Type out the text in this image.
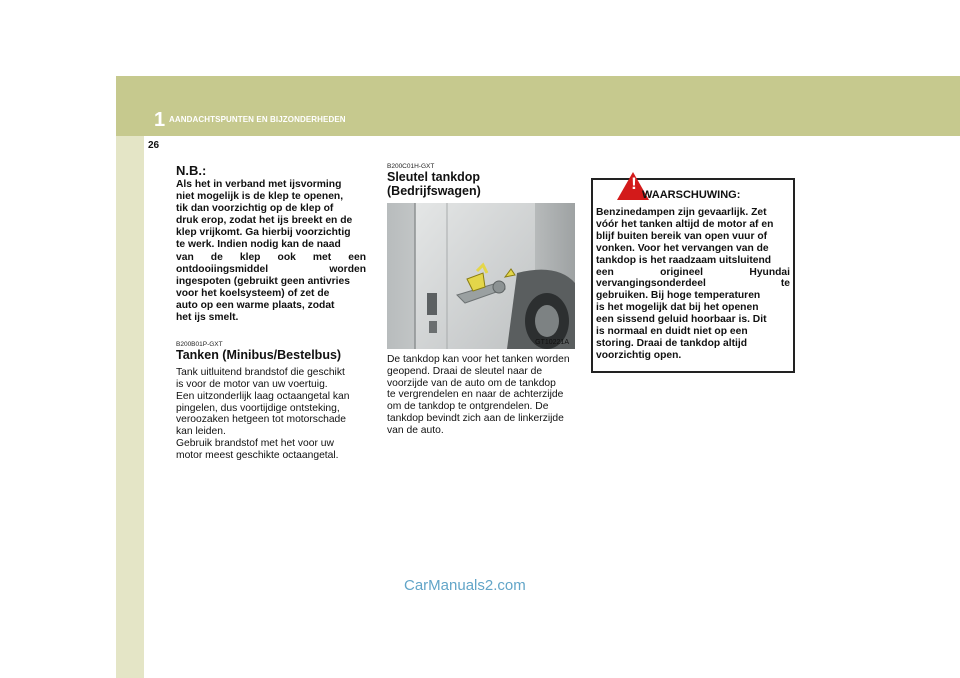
1 AANDACHTSPUNTEN EN BIJZONDERHEDEN
26

N.B.:

Als het in verband met ijsvorming
niet mogelijk is de klep te openen,
tik dan voorzichtig op de klep of
druk erop, zodat het ijs breekt en de
klep vrijkomt. Ga hierbij voorzichtig
te werk. Indien nodig kan de naad
van de klep ook met een
ontdooiingsmiddel worden
ingespoten (gebruikt geen antivries
voor het koelsysteem) of zet de
auto op een warme plaats, zodat
het ijs smelt.

B200B01P-GXT

Tanken (Minibus/Bestelbus)

Tank uitluitend brandstof die geschikt
is voor de motor van uw voertuig.
Een uitzonderlijk laag octaangetal kan
pingelen, dus voortijdige ontsteking,
veroozaken hetgeen tot motorschade
kan leiden.
Gebruik brandstof met het voor uw
motor meest geschikte octaangetal.

B200C01H-GXT

Sleutel tankdop (Bedrijfswagen)

GT10221A

De tankdop kan voor het tanken worden
geopend. Draai de sleutel naar de
voorzijde van de auto om de tankdop
te vergrendelen en naar de achterzijde
om de tankdop te ontgrendelen. De
tankdop bevindt zich aan de linkerzijde
van de auto.

!
WAARSCHUWING:

Benzinedampen zijn gevaarlijk. Zet
vóór het tanken altijd de motor af en
blijf buiten bereik van open vuur of
vonken. Voor het vervangen van de
tankdop is het raadzaam uitsluitend
een origineel Hyundai
vervangingsonderdeel te
gebruiken. Bij hoge temperaturen
is het mogelijk dat bij het openen
een sissend geluid hoorbaar is. Dit
is normaal en duidt niet op een
storing. Draai de tankdop altijd
voorzichtig open.

CarManuals2.com
